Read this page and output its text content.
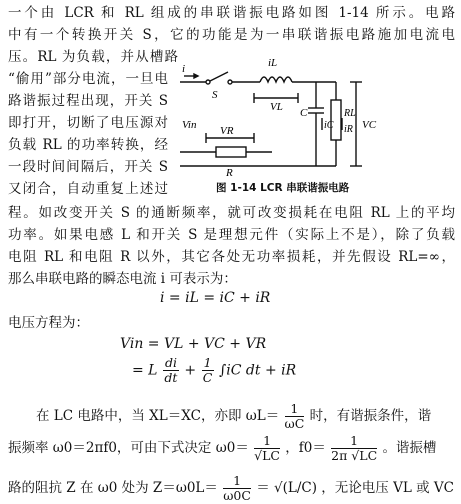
一个由 LCR 和 RL 组成的串联谐振电路如图 1-14 所示。电路
中有一个转换开关 S，它的功能是为一串联谐振电路施加电流电
压。RL 为负载，并从槽路
“偷用”部分电流，一旦电
路谐振过程出现，开关 S
即打开，切断了电压源对
负载 RL 的功率转换，经
一段时间间隔后，开关 S
又闭合，自动重复上述过
i
S
iL
VL C
iC
RL
iR VC
Vin VR
R
图 1-14 LCR 串联谐振电路
程。如改变开关 S 的通断频率，就可改变损耗在电阻 RL 上的平均
功率。如果电感 L 和开关 S 是理想元件（实际上不是），除了负载
电阻 RL 和电阻 R 以外，其它各处无功率损耗，并先假设 RL=∞，
那么串联电路的瞬态电流 i 可表示为：
i = iL = iC + iR
电压方程为：
Vin = VL + VC + VR
= L $\frac{di}{dt} + \frac{1}{C} \int iC$ dt + iR
在 LC 电路中，当 XL＝XC，亦即 $\omega L= \frac{1}{\omega C}$ 时，有谐振条件，谐
振频率 ω0＝2πf0，可由下式决定 $\omega 0= \frac{1}{√LC}$ ，$f0= \frac{1}{2\pi √LC}$ 。谐振槽
路的阻抗 Z 在 ω0 处为 $Z=\omega 0L= \frac{1}{\omega 0C} = √(L/C)$ ，无论电压 VL 或 VC
